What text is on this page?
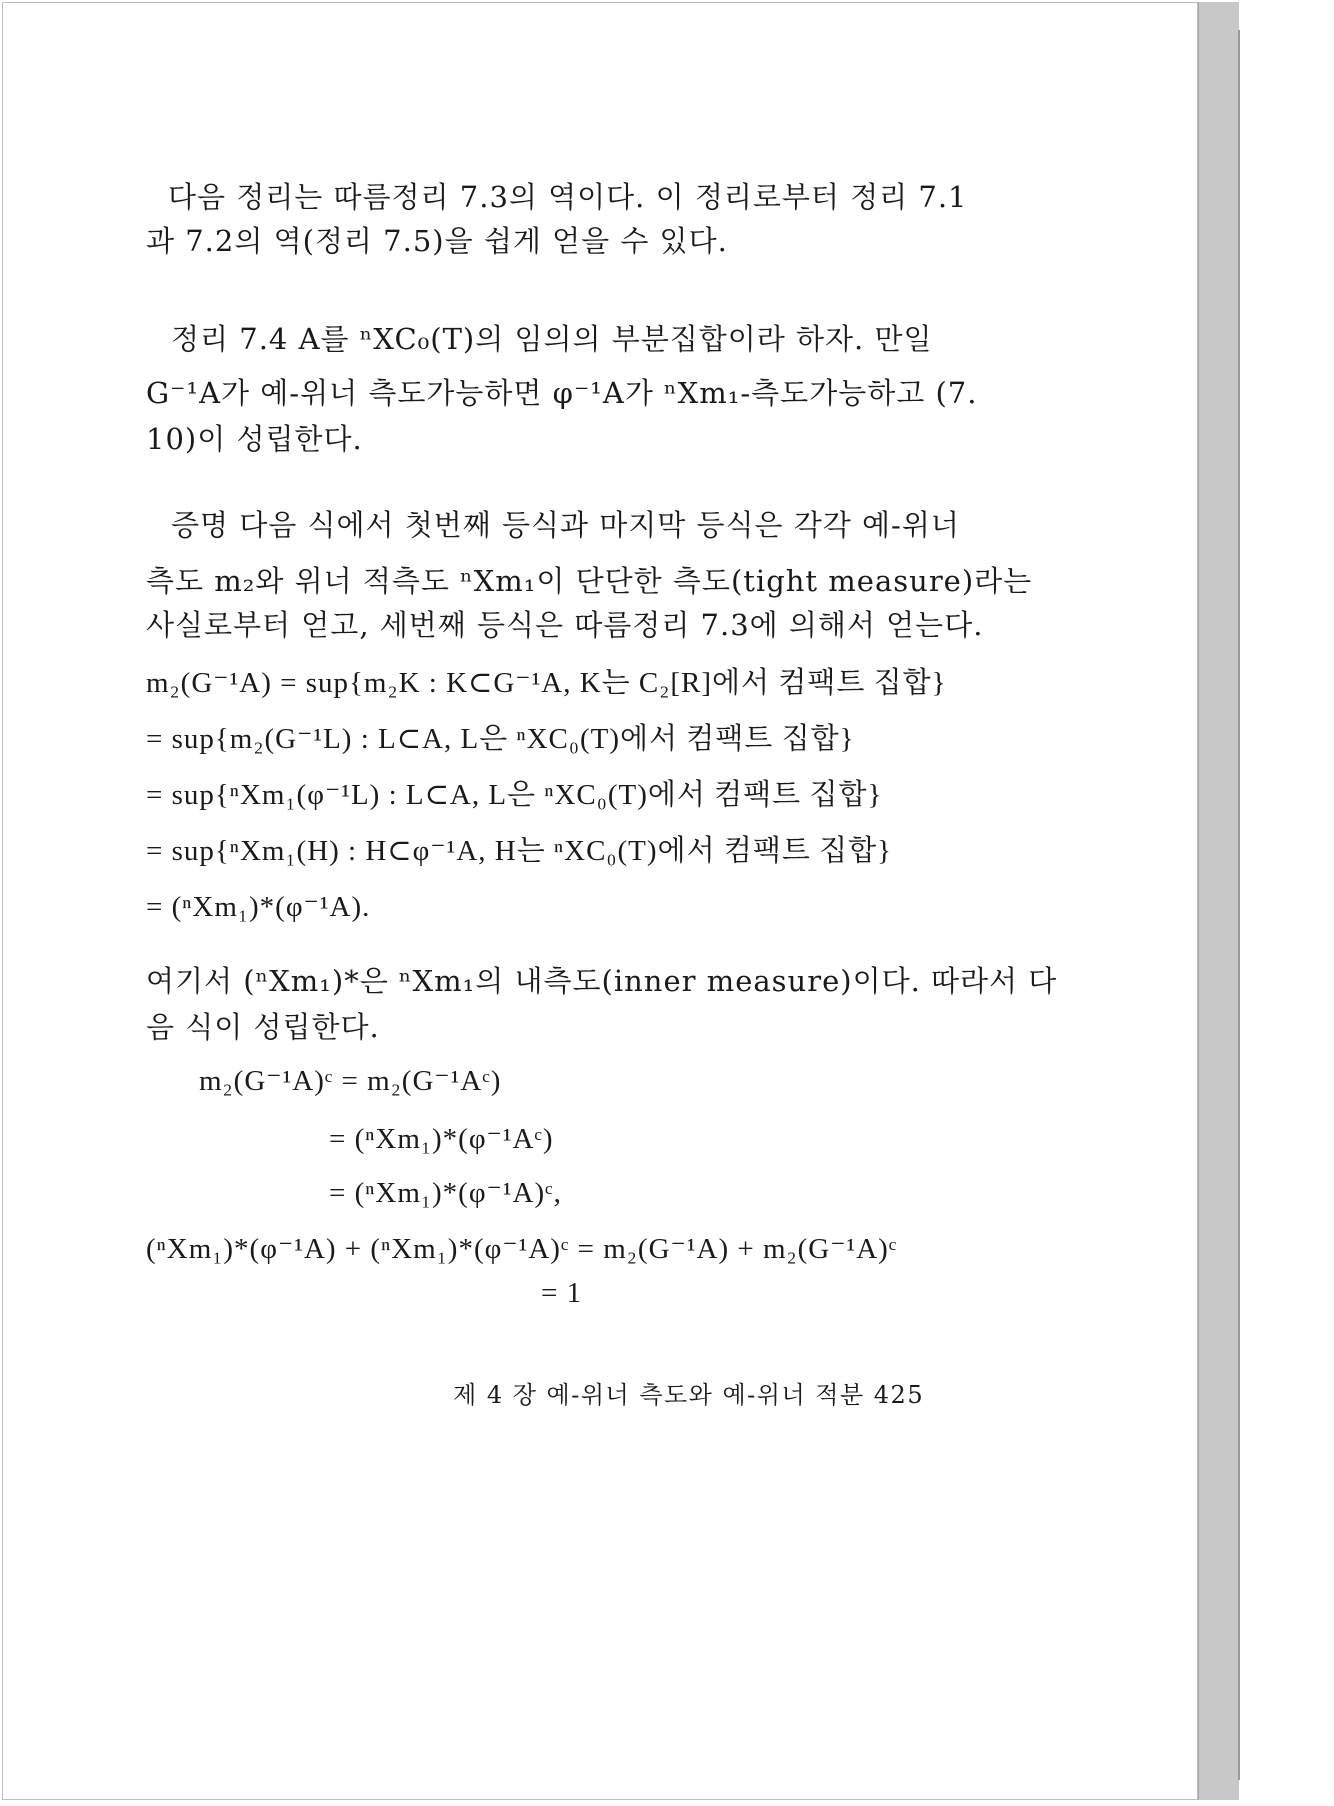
다음 정리는 따름정리 7.3의 역이다. 이 정리로부터 정리 7.1
과 7.2의 역(정리 7.5)을 쉽게 얻을 수 있다.
정리 7.4 A를 ⁿXC₀(T)의 임의의 부분집합이라 하자. 만일
G⁻¹A가 예-위너 측도가능하면 φ⁻¹A가 ⁿXm₁-측도가능하고 (7.
10)이 성립한다.
증명 다음 식에서 첫번째 등식과 마지막 등식은 각각 예-위너
측도 m₂와 위너 적측도 ⁿXm₁이 단단한 측도(tight measure)라는
사실로부터 얻고, 세번째 등식은 따름정리 7.3에 의해서 얻는다.
m₂(G⁻¹A) = sup{m₂K : K⊂G⁻¹A, K는 C₂[R]에서 컴팩트 집합}
= sup{m₂(G⁻¹L) : L⊂A, L은 ⁿXC₀(T)에서 컴팩트 집합}
= sup{ⁿXm₁(φ⁻¹L) : L⊂A, L은 ⁿXC₀(T)에서 컴팩트 집합}
= sup{ⁿXm₁(H) : H⊂φ⁻¹A, H는 ⁿXC₀(T)에서 컴팩트 집합}
= (ⁿXm₁)*(φ⁻¹A).
여기서 (ⁿXm₁)*은 ⁿXm₁의 내측도(inner measure)이다. 따라서 다
음 식이 성립한다.
m₂(G⁻¹A)ᶜ = m₂(G⁻¹Aᶜ)
= (ⁿXm₁)*(φ⁻¹Aᶜ)
= (ⁿXm₁)*(φ⁻¹A)ᶜ,
(ⁿXm₁)*(φ⁻¹A) + (ⁿXm₁)*(φ⁻¹A)ᶜ = m₂(G⁻¹A) + m₂(G⁻¹A)ᶜ
= 1
제 4 장 예-위너 측도와 예-위너 적분 425
